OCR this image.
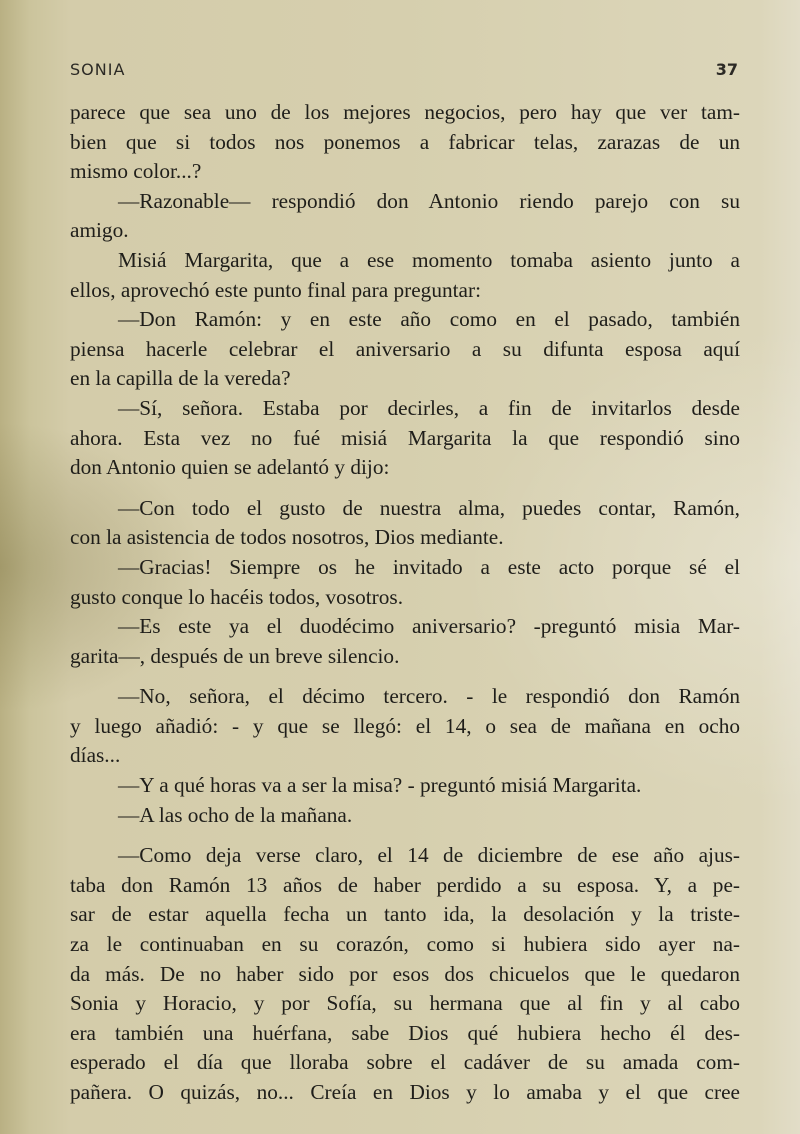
SONIA	37
parece que sea uno de los mejores negocios, pero hay que ver tam-
bien que si todos nos ponemos a fabricar telas, zarazas de un
mismo color...?
—Razonable— respondió don Antonio riendo parejo con su
amigo.
Misiá Margarita, que a ese momento tomaba asiento junto a
ellos, aprovechó este punto final para preguntar:
—Don Ramón: y en este año como en el pasado, también
piensa hacerle celebrar el aniversario a su difunta esposa aquí
en la capilla de la vereda?
—Sí, señora. Estaba por decirles, a fin de invitarlos desde
ahora. Esta vez no fué misiá Margarita la que respondió sino
don Antonio quien se adelantó y dijo:
—Con todo el gusto de nuestra alma, puedes contar, Ramón,
con la asistencia de todos nosotros, Dios mediante.
—Gracias! Siempre os he invitado a este acto porque sé el
gusto conque lo hacéis todos, vosotros.
—Es este ya el duodécimo aniversario? -preguntó misia Mar-
garita—, después de un breve silencio.
—No, señora, el décimo tercero. - le respondió don Ramón
y luego añadió: - y que se llegó: el 14, o sea de mañana en ocho
días...
—Y a qué horas va a ser la misa? - preguntó misiá Margarita.
—A las ocho de la mañana.
—Como deja verse claro, el 14 de diciembre de ese año ajus-
taba don Ramón 13 años de haber perdido a su esposa. Y, a pe-
sar de estar aquella fecha un tanto ida, la desolación y la triste-
za le continuaban en su corazón, como si hubiera sido ayer na-
da más. De no haber sido por esos dos chicuelos que le quedaron
Sonia y Horacio, y por Sofía, su hermana que al fin y al cabo
era también una huérfana, sabe Dios qué hubiera hecho él des-
esperado el día que lloraba sobre el cadáver de su amada com-
pañera. O quizás, no... Creía en Dios y lo amaba y el que cree
